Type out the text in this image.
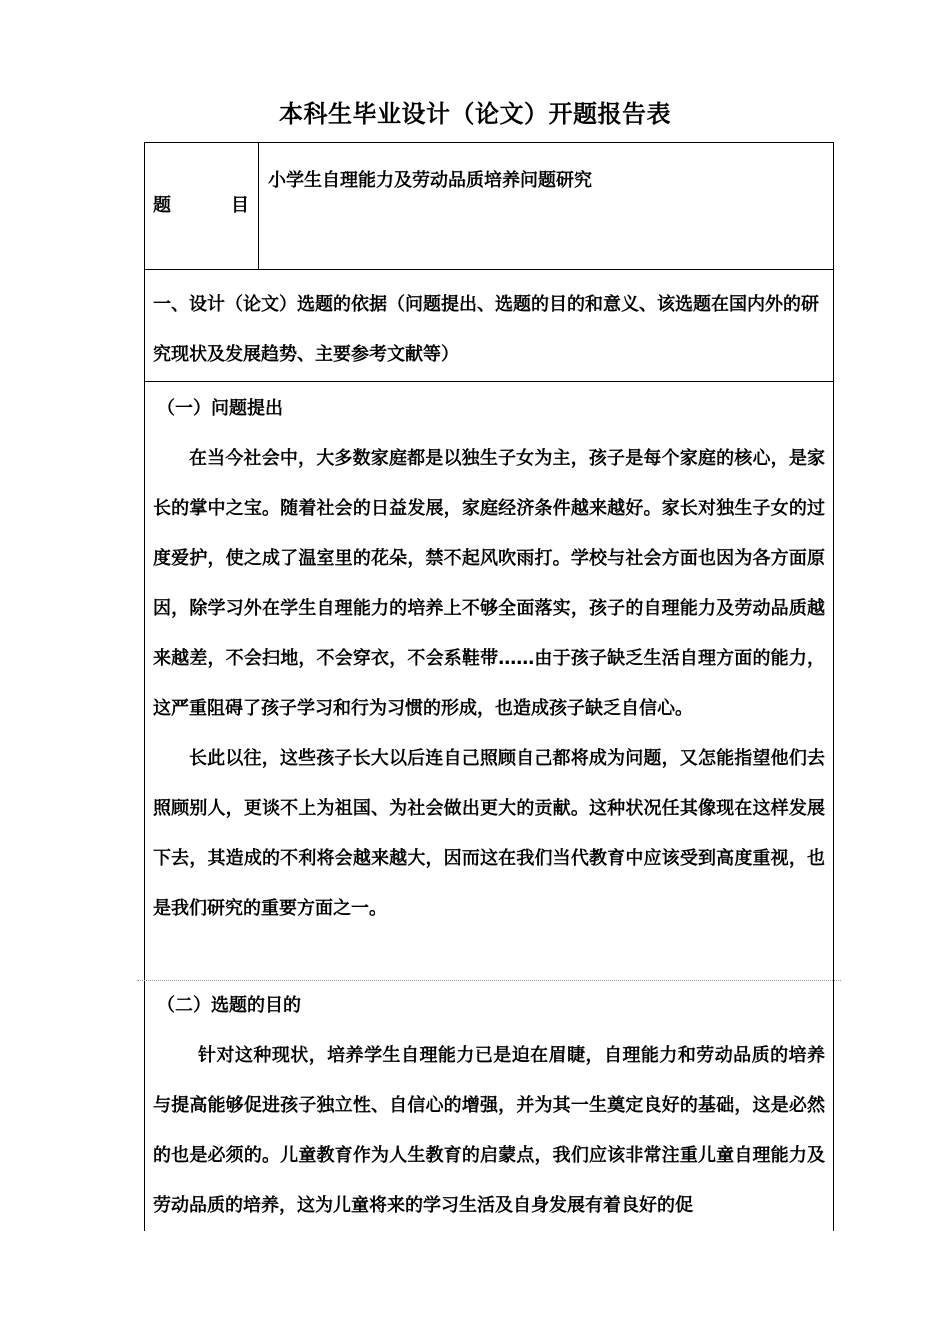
本科生毕业设计（论文）开题报告表
题	目
小学生自理能力及劳动品质培养问题研究
一、设计（论文）选题的依据（问题提出、选题的目的和意义、该选题在国内外的研究现状及发展趋势、主要参考文献等）

（一）问题提出

在当今社会中，大多数家庭都是以独生子女为主，孩子是每个家庭的核心，是家长的掌中之宝。随着社会的日益发展，家庭经济条件越来越好。家长对独生子女的过度爱护，使之成了温室里的花朵，禁不起风吹雨打。学校与社会方面也因为各方面原因，除学习外在学生自理能力的培养上不够全面落实，孩子的自理能力及劳动品质越来越差，不会扫地，不会穿衣，不会系鞋带……由于孩子缺乏生活自理方面的能力，这严重阻碍了孩子学习和行为习惯的形成，也造成孩子缺乏自信心。

长此以往，这些孩子长大以后连自己照顾自己都将成为问题，又怎能指望他们去照顾别人，更谈不上为祖国、为社会做出更大的贡献。这种状况任其像现在这样发展下去，其造成的不利将会越来越大，因而这在我们当代教育中应该受到高度重视，也是我们研究的重要方面之一。

（二）选题的目的

针对这种现状，培养学生自理能力已是迫在眉睫，自理能力和劳动品质的培养与提高能够促进孩子独立性、自信心的增强，并为其一生奠定良好的基础，这是必然的也是必须的。儿童教育作为人生教育的启蒙点，我们应该非常注重儿童自理能力及劳动品质的培养，这为儿童将来的学习生活及自身发展有着良好的促
